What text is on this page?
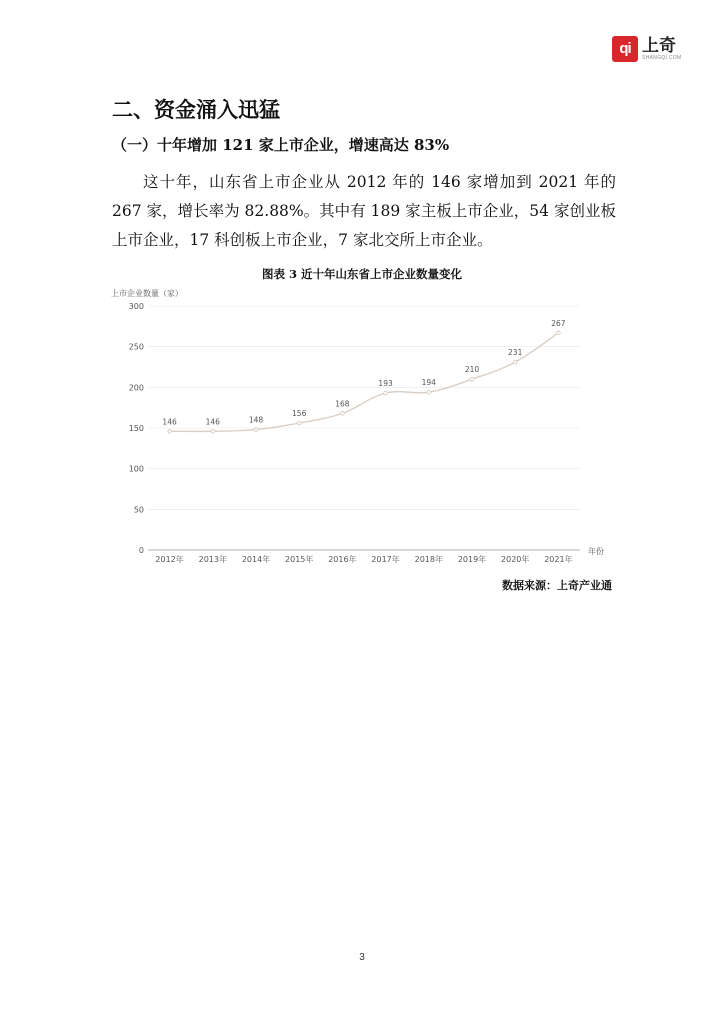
qi 上奇
SHANGQI.COM
二、资金涌入迅猛
（一）十年增加 121 家上市企业，增速高达 83%

这十年，山东省上市企业从 2012 年的 146 家增加到 2021 年的 267 家，增长率为 82.88%。其中有 189 家主板上市企业，54 家创业板上市企业，17 科创板上市企业，7 家北交所上市企业。

图表 3 近十年山东省上市企业数量变化
上市企业数量（家）
0
50
100
150
200
250
300
2012年 2013年 2014年 2015年 2016年 2017年 2018年 2019年 2020年 2021年
146	146	148
156
168
193	194
210
231
267
年份
数据来源：上奇产业通
3
